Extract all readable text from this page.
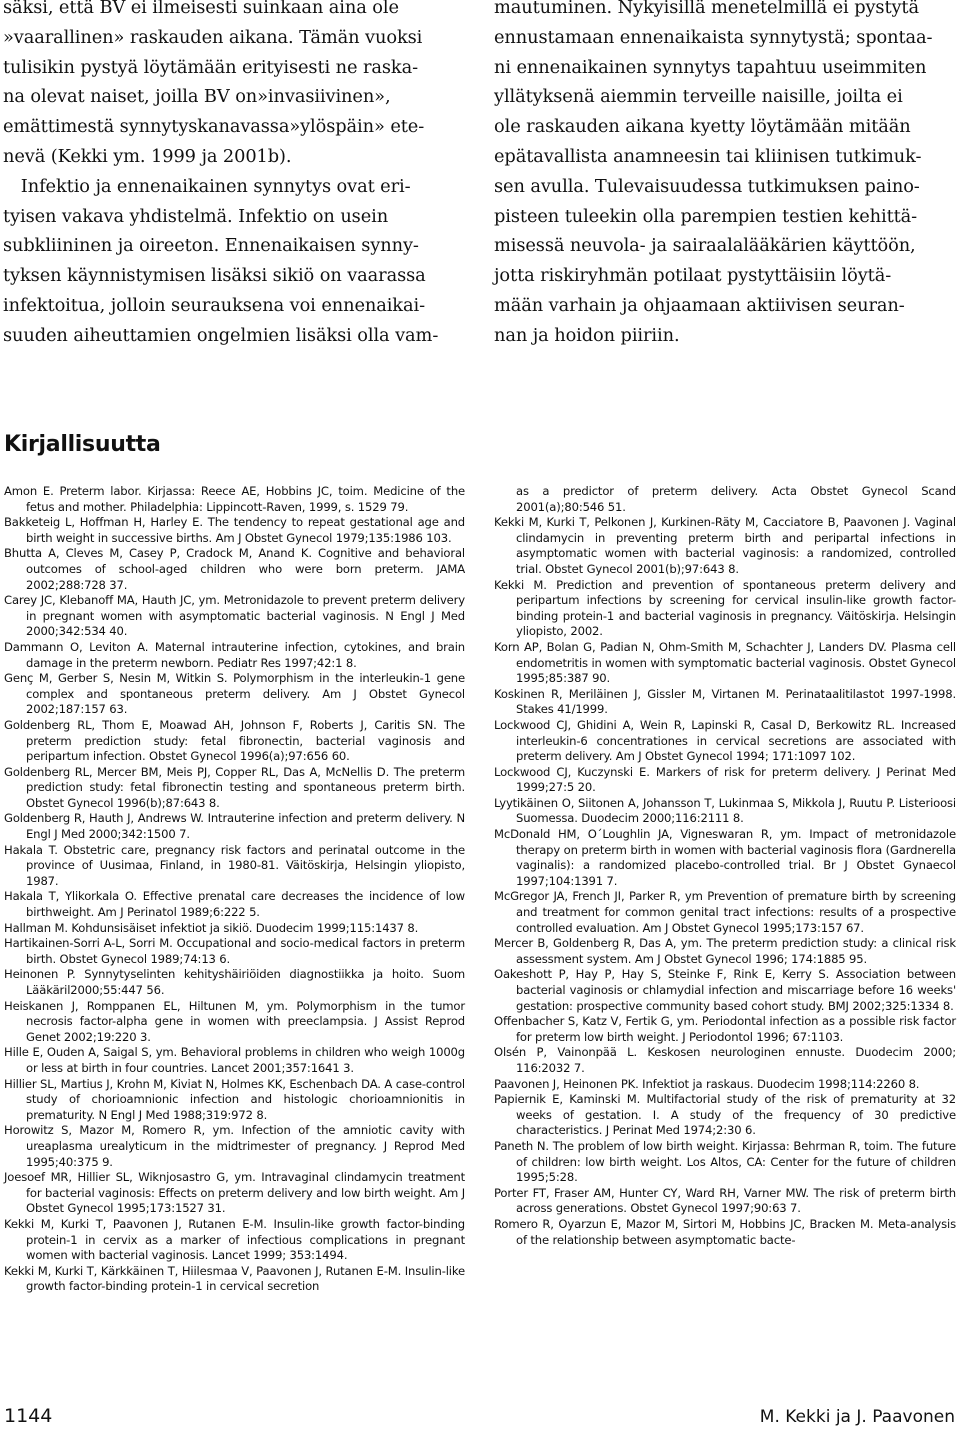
säksi, että BV ei ilmeisesti suinkaan aina ole
»vaarallinen» raskauden aikana. Tämän vuoksi
tulisikin pystyä löytämään erityisesti ne raska-
na olevat naiset, joilla BV on»invasiivinen»,
emättimestä synnytyskanavassa»ylöspäin» ete-
nevä (Kekki ym. 1999 ja 2001b).
Infektio ja ennenaikainen synnytys ovat eri-
tyisen vakava yhdistelmä. Infektio on usein
subkliininen ja oireeton. Ennenaikaisen synny-
tyksen käynnistymisen lisäksi sikiö on vaarassa
infektoitua, jolloin seurauksena voi ennenaikai-
suuden aiheuttamien ongelmien lisäksi olla vam-
mautuminen. Nykyisillä menetelmillä ei pystytä
ennustamaan ennenaikaista synnytystä; spontaa-
ni ennenaikainen synnytys tapahtuu useimmiten
yllätyksenä aiemmin terveille naisille, joilta ei
ole raskauden aikana kyetty löytämään mitään
epätavallista anamneesin tai kliinisen tutkimuk-
sen avulla. Tulevaisuudessa tutkimuksen paino-
pisteen tuleekin olla parempien testien kehittä-
misessä neuvola- ja sairaalalääkärien käyttöön,
jotta riskiryhmän potilaat pystyttäisiin löytä-
mään varhain ja ohjaamaan aktiivisen seuran-
nan ja hoidon piiriin.
Kirjallisuutta

Amon E. Preterm labor. Kirjassa: Reece AE, Hobbins JC, toim. Medicine of the fetus and mother. Philadelphia: Lippincott-Raven, 1999, s. 1529 79.

Bakketeig L, Hoffman H, Harley E. The tendency to repeat gestational age and birth weight in successive births. Am J Obstet Gynecol 1979;135:1986 103.

Bhutta A, Cleves M, Casey P, Cradock M, Anand K. Cognitive and behavioral outcomes of school-aged children who were born preterm. JAMA 2002;288:728 37.

Carey JC, Klebanoff MA, Hauth JC, ym. Metronidazole to prevent preterm delivery in pregnant women with asymptomatic bacterial vaginosis. N Engl J Med 2000;342:534 40.

Dammann O, Leviton A. Maternal intrauterine infection, cytokines, and brain damage in the preterm newborn. Pediatr Res 1997;42:1 8.

Genç M, Gerber S, Nesin M, Witkin S. Polymorphism in the interleukin-1 gene complex and spontaneous preterm delivery. Am J Obstet Gynecol 2002;187:157 63.

Goldenberg RL, Thom E, Moawad AH, Johnson F, Roberts J, Caritis SN. The preterm prediction study: fetal fibronectin, bacterial vaginosis and peripartum infection. Obstet Gynecol 1996(a);97:656 60.

Goldenberg RL, Mercer BM, Meis PJ, Copper RL, Das A, McNellis D. The preterm prediction study: fetal fibronectin testing and spontaneous preterm birth. Obstet Gynecol 1996(b);87:643 8.

Goldenberg R, Hauth J, Andrews W. Intrauterine infection and preterm delivery. N Engl J Med 2000;342:1500 7.

Hakala T. Obstetric care, pregnancy risk factors and perinatal outcome in the province of Uusimaa, Finland, in 1980-81. Väitöskirja, Helsingin yliopisto, 1987.

Hakala T, Ylikorkala O. Effective prenatal care decreases the incidence of low birthweight. Am J Perinatol 1989;6:222 5.

Hallman M. Kohdunsisäiset infektiot ja sikiö. Duodecim 1999;115:1437 8.

Hartikainen-Sorri A-L, Sorri M. Occupational and socio-medical factors in preterm birth. Obstet Gynecol 1989;74:13 6.

Heinonen P. Synnytyselinten kehityshäiriöiden diagnostiikka ja hoito. Suom Lääkäril2000;55:447 56.

Heiskanen J, Romppanen EL, Hiltunen M, ym. Polymorphism in the tumor necrosis factor-alpha gene in women with preeclampsia. J Assist Reprod Genet 2002;19:220 3.

Hille E, Ouden A, Saigal S, ym. Behavioral problems in children who weigh 1000g or less at birth in four countries. Lancet 2001;357:1641 3.

Hillier SL, Martius J, Krohn M, Kiviat N, Holmes KK, Eschenbach DA. A case-control study of chorioamnionic infection and histologic chorioamnionitis in prematurity. N Engl J Med 1988;319:972 8.

Horowitz S, Mazor M, Romero R, ym. Infection of the amniotic cavity with ureaplasma urealyticum in the midtrimester of pregnancy. J Reprod Med 1995;40:375 9.

Joesoef MR, Hillier SL, Wiknjosastro G, ym. Intravaginal clindamycin treatment for bacterial vaginosis: Effects on preterm delivery and low birth weight. Am J Obstet Gynecol 1995;173:1527 31.

Kekki M, Kurki T, Paavonen J, Rutanen E-M. Insulin-like growth factor-binding protein-1 in cervix as a marker of infectious complications in pregnant women with bacterial vaginosis. Lancet 1999; 353:1494.

Kekki M, Kurki T, Kärkkäinen T, Hiilesmaa V, Paavonen J, Rutanen E-M. Insulin-like growth factor-binding protein-1 in cervical secretion

as a predictor of preterm delivery. Acta Obstet Gynecol Scand 2001(a);80:546 51.

Kekki M, Kurki T, Pelkonen J, Kurkinen-Räty M, Cacciatore B, Paavonen J. Vaginal clindamycin in preventing preterm birth and peripartal infections in asymptomatic women with bacterial vaginosis: a randomized, controlled trial. Obstet Gynecol 2001(b);97:643 8.

Kekki M. Prediction and prevention of spontaneous preterm delivery and peripartum infections by screening for cervical insulin-like growth factor-binding protein-1 and bacterial vaginosis in pregnancy. Väitöskirja. Helsingin yliopisto, 2002.

Korn AP, Bolan G, Padian N, Ohm-Smith M, Schachter J, Landers DV. Plasma cell endometritis in women with symptomatic bacterial vaginosis. Obstet Gynecol 1995;85:387 90.

Koskinen R, Meriläinen J, Gissler M, Virtanen M. Perinataalitilastot 1997-1998. Stakes 41/1999.

Lockwood CJ, Ghidini A, Wein R, Lapinski R, Casal D, Berkowitz RL. Increased interleukin-6 concentrationes in cervical secretions are associated with preterm delivery. Am J Obstet Gynecol 1994; 171:1097 102.

Lockwood CJ, Kuczynski E. Markers of risk for preterm delivery. J Perinat Med 1999;27:5 20.

Lyytikäinen O, Siitonen A, Johansson T, Lukinmaa S, Mikkola J, Ruutu P. Listerioosi Suomessa. Duodecim 2000;116:2111 8.

McDonald HM, O´Loughlin JA, Vigneswaran R, ym. Impact of metronidazole therapy on preterm birth in women with bacterial vaginosis flora (Gardnerella vaginalis): a randomized placebo-controlled trial. Br J Obstet Gynaecol 1997;104:1391 7.

McGregor JA, French JI, Parker R, ym Prevention of premature birth by screening and treatment for common genital tract infections: results of a prospective controlled evaluation. Am J Obstet Gynecol 1995;173:157 67.

Mercer B, Goldenberg R, Das A, ym. The preterm prediction study: a clinical risk assessment system. Am J Obstet Gynecol 1996; 174:1885 95.

Oakeshott P, Hay P, Hay S, Steinke F, Rink E, Kerry S. Association between bacterial vaginosis or chlamydial infection and miscarriage before 16 weeks' gestation: prospective community based cohort study. BMJ 2002;325:1334 8.

Offenbacher S, Katz V, Fertik G, ym. Periodontal infection as a possible risk factor for preterm low birth weight. J Periodontol 1996; 67:1103.

Olsén P, Vainonpää L. Keskosen neurologinen ennuste. Duodecim 2000; 116:2032 7.

Paavonen J, Heinonen PK. Infektiot ja raskaus. Duodecim 1998;114:2260 8.

Papiernik E, Kaminski M. Multifactorial study of the risk of prematurity at 32 weeks of gestation. I. A study of the frequency of 30 predictive characteristics. J Perinat Med 1974;2:30 6.

Paneth N. The problem of low birth weight. Kirjassa: Behrman R, toim. The future of children: low birth weight. Los Altos, CA: Center for the future of children 1995;5:28.

Porter FT, Fraser AM, Hunter CY, Ward RH, Varner MW. The risk of preterm birth across generations. Obstet Gynecol 1997;90:63 7.

Romero R, Oyarzun E, Mazor M, Sirtori M, Hobbins JC, Bracken M. Meta-analysis of the relationship between asymptomatic bacte-

1144	M. Kekki ja J. Paavonen
